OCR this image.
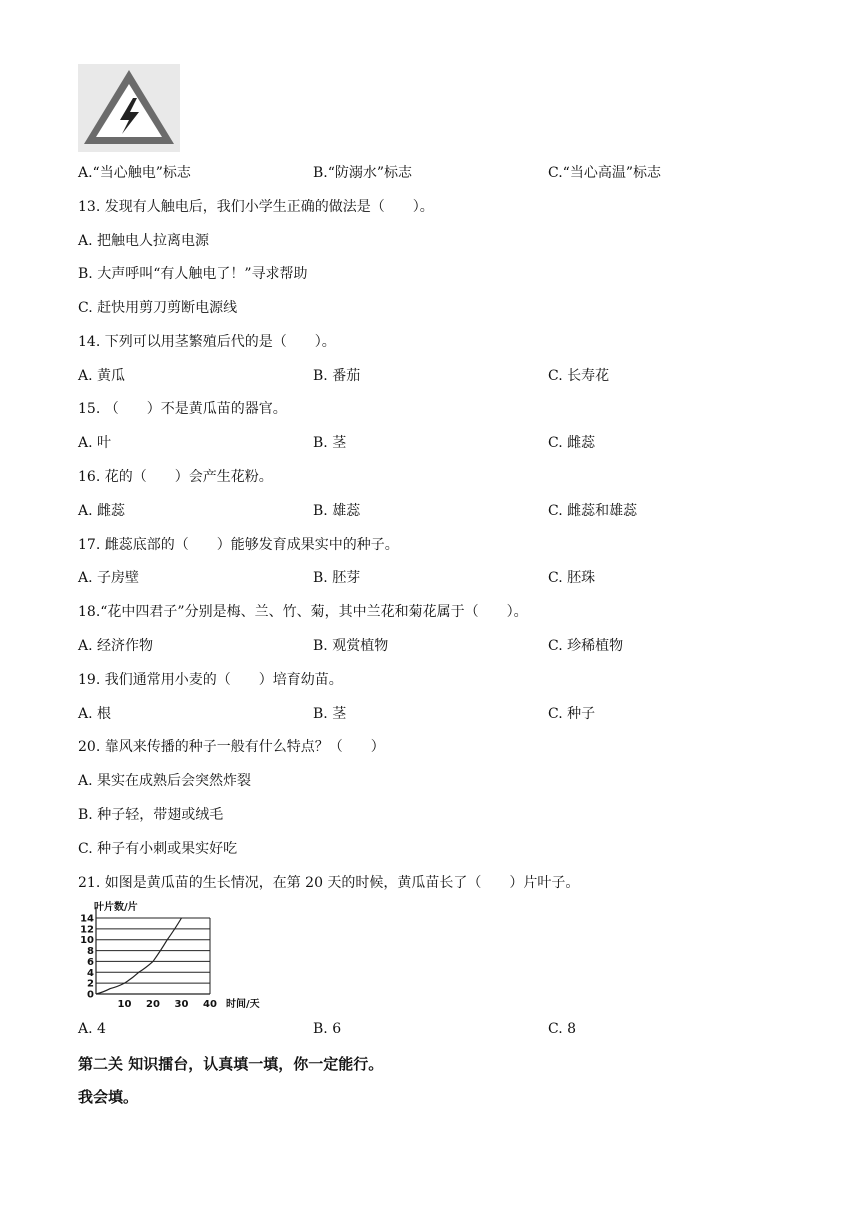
A.“当心触电”标志	B.“防溺水”标志	C.“当心高温”标志
13. 发现有人触电后，我们小学生正确的做法是（　　）。
A. 把触电人拉离电源
B. 大声呼叫“有人触电了！”寻求帮助
C. 赶快用剪刀剪断电源线
14. 下列可以用茎繁殖后代的是（　　）。
A. 黄瓜	B. 番茄	C. 长寿花
15. （　　）不是黄瓜苗的器官。
A. 叶	B. 茎	C. 雌蕊
16. 花的（　　）会产生花粉。
A. 雌蕊	B. 雄蕊	C. 雌蕊和雄蕊
17. 雌蕊底部的（　　）能够发育成果实中的种子。
A. 子房壁	B. 胚芽	C. 胚珠
18.“花中四君子”分别是梅、兰、竹、菊，其中兰花和菊花属于（　　）。
A. 经济作物	B. 观赏植物	C. 珍稀植物
19. 我们通常用小麦的（　　）培育幼苗。
A. 根	B. 茎	C. 种子
20. 靠风来传播的种子一般有什么特点？（　　）
A. 果实在成熟后会突然炸裂
B. 种子轻，带翅或绒毛
C. 种子有小刺或果实好吃
21. 如图是黄瓜苗的生长情况，在第 20 天的时候，黄瓜苗长了（　　）片叶子。
叶片数/片
时间/天
0
2
4
6
8
10
12
14
10 20 30 40
A. 4	B. 6	C. 8
第二关 知识擂台，认真填一填，你一定能行。
我会填。
